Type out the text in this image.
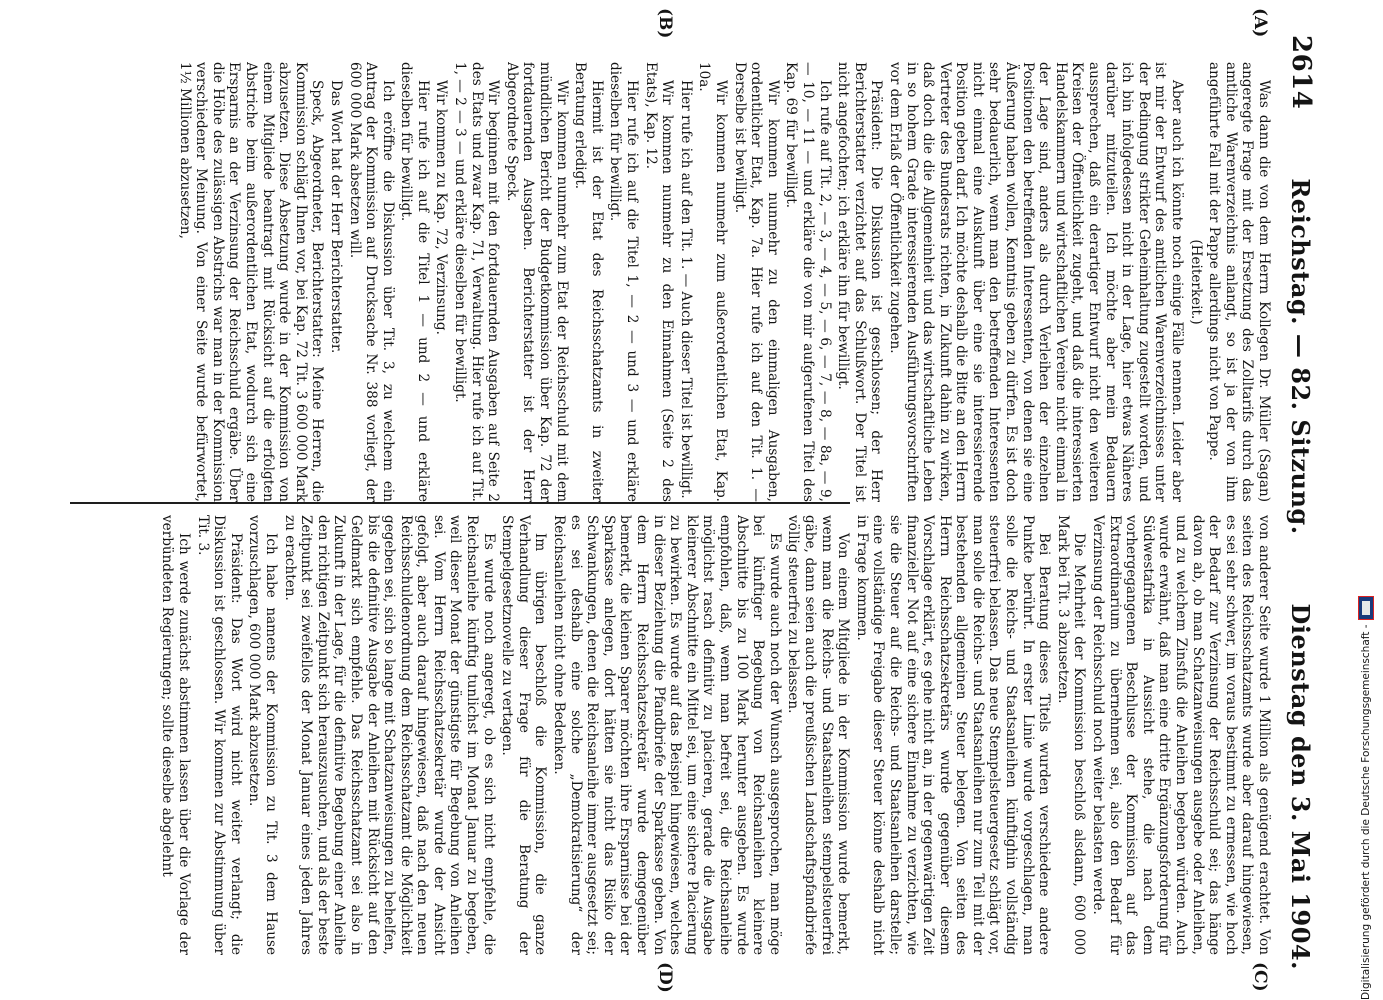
2614
Reichstag. — 82. Sitzung.
Dienstag den 3. Mai 1904.
(A)
(B)
(C)
(D)

Was dann die von dem Herrn Kollegen Dr. Müller (Sagan) angeregte Frage mit der Ersetzung des Zolltarifs durch das amtliche Warenverzeichnis anlangt, so ist ja der von ihm angeführte Fall mit der Pappe allerdings nicht von Pappe.

(Heiterkeit.)

Aber auch ich könnte noch einige Fälle nennen. Leider aber ist mir der Entwurf des amtlichen Warenverzeichnisses unter der Bedingung strikter Geheimhaltung zugestellt worden, und ich bin infolgedessen nicht in der Lage, hier etwas Näheres darüber mitzuteilen. Ich möchte aber mein Bedauern aussprechen, daß ein derartiger Entwurf nicht den weiteren Kreisen der Öffentlichkeit zugeht, und daß die interessierten Handelskammern und wirtschaftlichen Vereine nicht einmal in der Lage sind, anders als durch Verleihen der einzelnen Positionen den betreffenden Interessenten, von denen sie eine Äußerung haben wollen, Kenntnis geben zu dürfen. Es ist doch sehr bedauerlich, wenn man den betreffenden Interessenten nicht einmal eine Auskunft über eine sie interessierende Position geben darf. Ich möchte deshalb die Bitte an den Herrn Vertreter des Bundesrats richten, in Zukunft dahin zu wirken, daß doch die die Allgemeinheit und das wirtschaftliche Leben in so hohem Grade interessierenden Ausführungsvorschriften vor dem Erlaß der Öffentlichkeit zugehen.

Präsident: Die Diskussion ist geschlossen; der Herr Berichterstatter verzichtet auf das Schlußwort. Der Titel ist nicht angefochten; ich erkläre ihn für bewilligt.

Ich rufe auf Tit. 2, — 3, — 4, — 5, — 6, — 7, — 8, — 8a, — 9, — 10, — 11 — und erkläre die von mir aufgerufenen Titel des Kap. 69 für bewilligt.

Wir kommen nunmehr zu den einmaligen Ausgaben, ordentlicher Etat, Kap. 7a. Hier rufe ich auf den Tit. 1. — Derselbe ist bewilligt.

Wir kommen nunmehr zum außerordentlichen Etat, Kap. 10a.

Hier rufe ich auf den Tit. 1. — Auch dieser Titel ist bewilligt.

Wir kommen nunmehr zu den Einnahmen (Seite 2 des Etats), Kap. 12.

Hier rufe ich auf die Titel 1, — 2 — und 3 — und erkläre dieselben für bewilligt.

Hiermit ist der Etat des Reichsschatzamts in zweiter Beratung erledigt.

Wir kommen nunmehr zum Etat der Reichsschuld mit dem mündlichen Bericht der Budgetkommission über Kap. 72 der fortdauernden Ausgaben. Berichterstatter ist der Herr Abgeordnete Speck.

Wir beginnen mit den fortdauernden Ausgaben auf Seite 2 des Etats und zwar Kap. 71, Verwaltung. Hier rufe ich auf Tit. 1, — 2 — 3 — und erkläre dieselben für bewilligt.

Wir kommen zu Kap. 72, Verzinsung.

Hier rufe ich auf die Titel 1 — und 2 — und erkläre dieselben für bewilligt.

Ich eröffne die Diskussion über Tit. 3, zu welchem ein Antrag der Kommission auf Drucksache Nr. 388 vorliegt, der 600 000 Mark absetzen will.

Das Wort hat der Herr Berichterstatter.

Speck, Abgeordneter, Berichterstatter: Meine Herren, die Kommission schlägt Ihnen vor, bei Kap. 72 Tit. 3 600 000 Mark abzusetzen. Diese Absetzung wurde in der Kommission von einem Mitgliede beantragt mit Rücksicht auf die erfolgten Abstriche beim außerordentlichen Etat, wodurch sich eine Ersparnis an der Verzinsung der Reichsschuld ergäbe. Über die Höhe des zulässigen Abstrichs war man in der Kommission verschiedener Meinung. Von einer Seite wurde befürwortet, 1½ Millionen abzusetzen,

von anderer Seite wurde 1 Million als genügend erachtet. Von seiten des Reichsschatzamts wurde aber darauf hingewiesen, es sei sehr schwer, im voraus bestimmt zu ermessen, wie hoch der Bedarf zur Verzinsung der Reichsschuld sei; das hänge davon ab, ob man Schatzanweisungen ausgebe oder Anleihen, und zu welchem Zinsfuß die Anleihen begeben würden. Auch wurde erwähnt, daß man eine dritte Ergänzungsforderung für Südwestafrika in Aussicht stehe, die nach dem vorhergegangenen Beschlusse der Kommission auf das Extraordinarium zu übernehmen sei, also den Bedarf für Verzinsung der Reichsschuld noch weiter belasten werde.

Die Mehrheit der Kommission beschloß alsdann, 600 000 Mark bei Tit. 3 abzusetzen.

Bei Beratung dieses Titels wurden verschiedene andere Punkte berührt. In erster Linie wurde vorgeschlagen, man solle die Reichs- und Staatsanleihen künftighin vollständig steuerfrei belassen. Das neue Stempelsteuergesetz schlägt vor, man solle die Reichs- und Staatsanleihen nur zum Teil mit der bestehenden allgemeinen Steuer belegen. Von seiten des Herrn Reichsschatzsekretärs wurde gegenüber diesem Vorschlage erklärt, es gehe nicht an, in der gegenwärtigen Zeit finanzieller Not auf eine sichere Einnahme zu verzichten, wie sie die Steuer auf die Reichs- und Staatsanleihen darstelle; eine vollständige Freigabe dieser Steuer könne deshalb nicht in Frage kommen.

Von einem Mitgliede in der Kommission wurde bemerkt, wenn man die Reichs- und Staatsanleihen stempelsteuerfrei gäbe, dann seien auch die preußischen Landschaftspfandbriefe völlig steuerfrei zu belassen.

Es wurde auch noch der Wunsch ausgesprochen, man möge bei künftiger Begebung von Reichsanleihen kleinere Abschnitte bis zu 100 Mark herunter ausgeben. Es wurde empfohlen, daß, wenn man befreit sei, die Reichsanleihe möglichst rasch definitiv zu placieren, gerade die Ausgabe kleinerer Abschnitte ein Mittel sei, um eine sichere Placierung zu bewirken. Es wurde auf das Beispiel hingewiesen, welches in dieser Beziehung die Pfandbriefe der Sparkasse geben. Von dem Herrn Reichsschatzsekretär wurde demgegenüber bemerkt, die kleinen Sparer möchten ihre Ersparnisse bei der Sparkasse anlegen, dort hätten sie nicht das Risiko der Schwankungen, denen die Reichsanleihe immer ausgesetzt sei; es sei deshalb eine solche „Demokratisierung“ der Reichsanleihen nicht ohne Bedenken.

Im übrigen beschloß die Kommission, die ganze Verhandlung dieser Frage für die Beratung der Stempelgesetznovelle zu vertagen.

Es wurde noch angeregt, ob es sich nicht empfehle, die Reichsanleihe künftig tunlichst im Monat Januar zu begeben, weil dieser Monat der günstigste für Begebung von Anleihen sei. Vom Herrn Reichsschatzsekretär wurde der Ansicht gefolgt, aber auch darauf hingewiesen, daß nach den neuen Reichsschuldenordnung dem Reichsschatzamt die Möglichkeit gegeben sei, sich so lange mit Schatzanweisungen zu behelfen, bis die definitive Ausgabe der Anleihen mit Rücksicht auf den Geldmarkt sich empfehle. Das Reichsschatzamt sei also in Zukunft in der Lage, für die definitive Begebung einer Anleihe den richtigen Zeitpunkt sich herauszusuchen, und als der beste Zeitpunkt sei zweifellos der Monat Januar eines jeden Jahres zu erachten.

Ich habe namens der Kommission zu Tit. 3 dem Hause vorzuschlagen, 600 000 Mark abzusetzen.

Präsident: Das Wort wird nicht weiter verlangt; die Diskussion ist geschlossen. Wir kommen zur Abstimmung über Tit. 3.

Ich werde zunächst abstimmen lassen über die Vorlage der verbündeten Regierungen; sollte dieselbe abgelehnt	Digitalisierung gefördert durch die Deutsche Forschungsgemeinschaft -
